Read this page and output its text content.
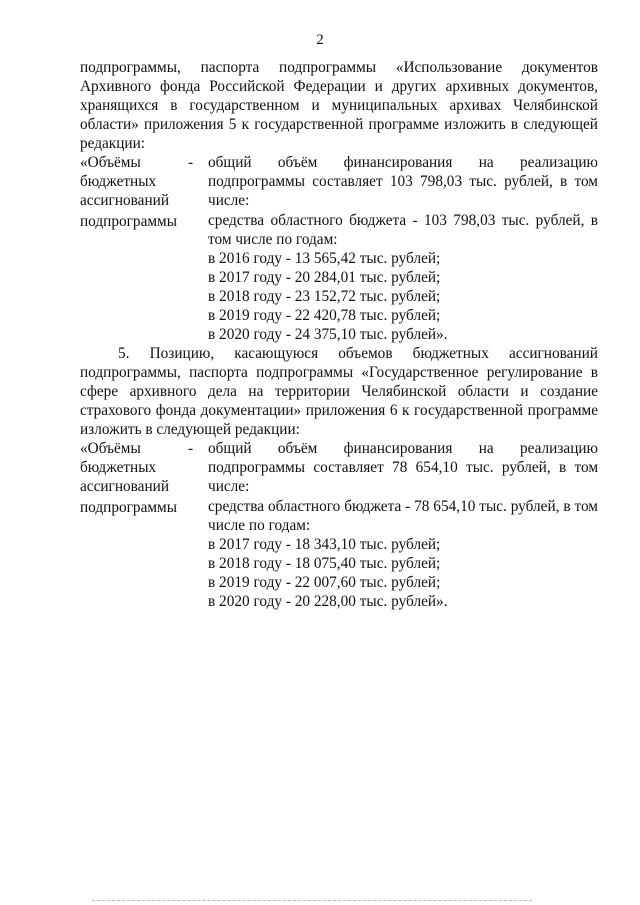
2

подпрограммы, паспорта подпрограммы «Использование документов Архивного фонда Российской Федерации и других архивных документов, хранящихся в государственном и муниципальных архивах Челябинской области» приложения 5 к государственной программе изложить в следующей редакции:

«Объёмы
бюджетных
ассигнований
подпрограммы
- общий объём финансирования на реализацию подпрограммы составляет 103 798,03 тыс. рублей, в том числе:
средства областного бюджета - 103 798,03 тыс. рублей, в том числе по годам:
в 2016 году - 13 565,42 тыс. рублей;
в 2017 году - 20 284,01 тыс. рублей;
в 2018 году - 23 152,72 тыс. рублей;
в 2019 году - 22 420,78 тыс. рублей;
в 2020 году - 24 375,10 тыс. рублей».

5. Позицию, касающуюся объемов бюджетных ассигнований подпрограммы, паспорта подпрограммы «Государственное регулирование в сфере архивного дела на территории Челябинской области и создание страхового фонда документации» приложения 6 к государственной программе изложить в следующей редакции:

«Объёмы
бюджетных
ассигнований
подпрограммы
- общий объём финансирования на реализацию подпрограммы составляет 78 654,10 тыс. рублей, в том числе:
средства областного бюджета - 78 654,10 тыс. рублей, в том числе по годам:
в 2017 году - 18 343,10 тыс. рублей;
в 2018 году - 18 075,40 тыс. рублей;
в 2019 году - 22 007,60 тыс. рублей;
в 2020 году - 20 228,00 тыс. рублей».
